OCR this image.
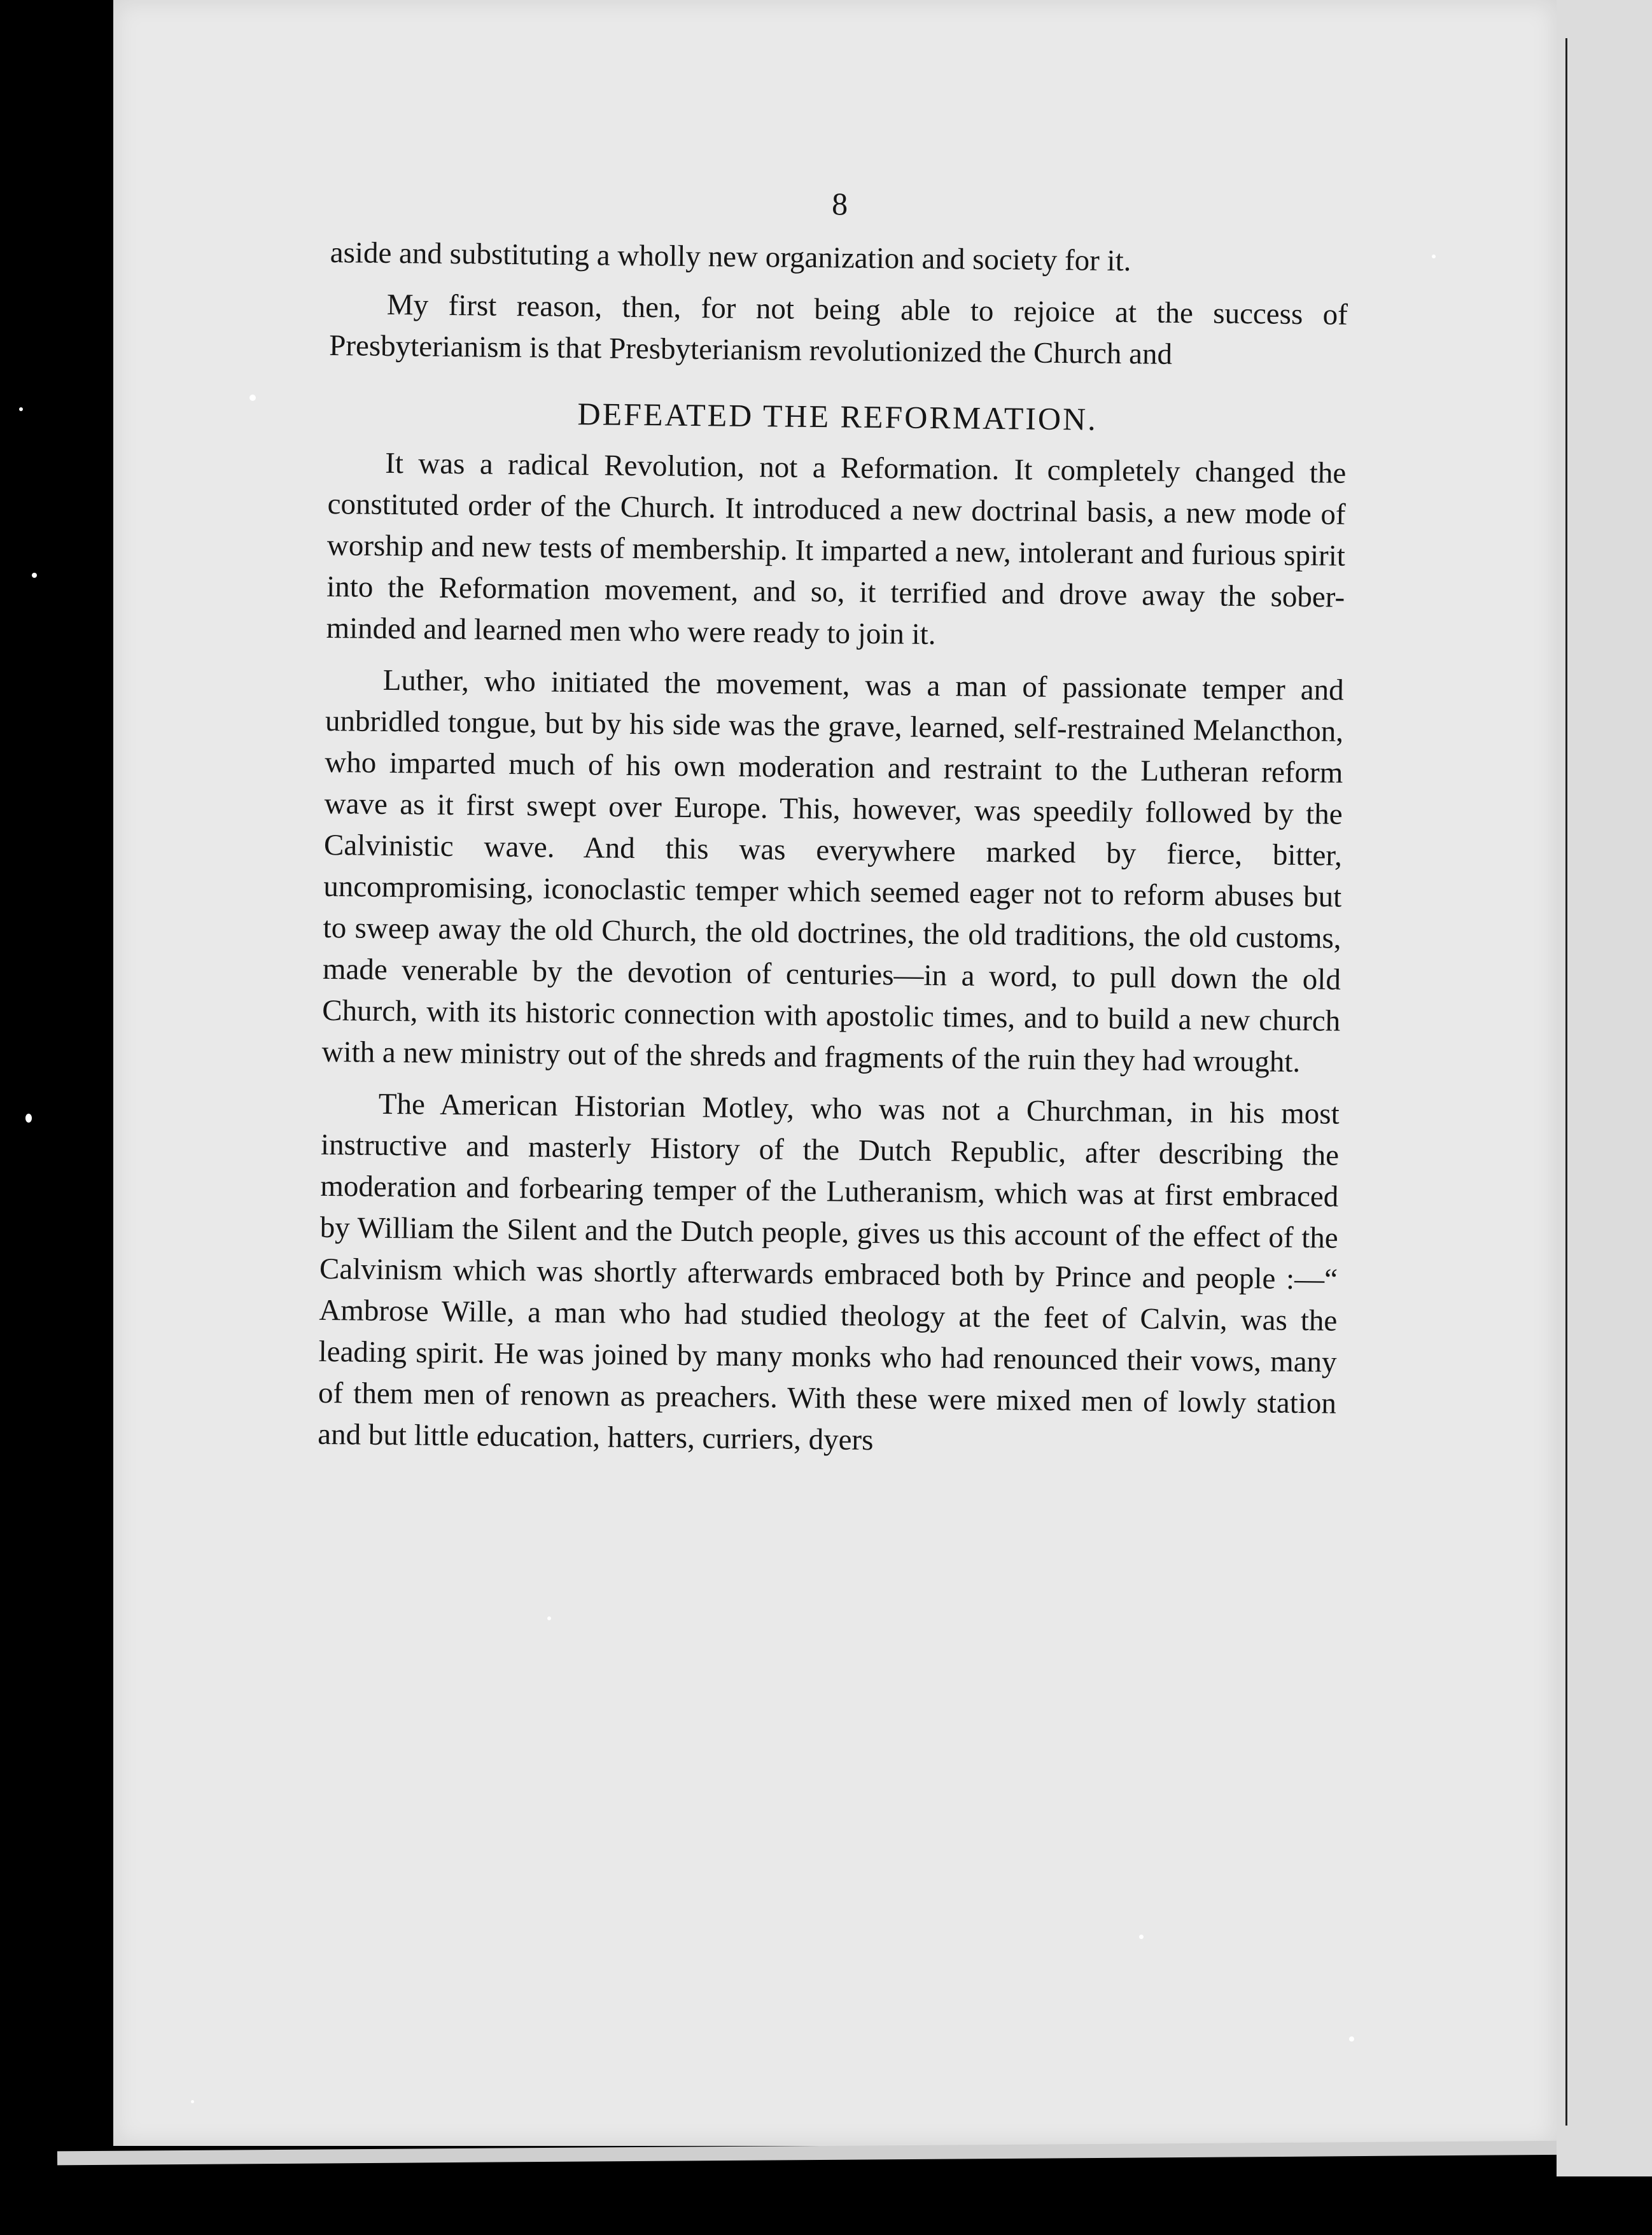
8

aside and substituting a wholly new organization and society for it.

My first reason, then, for not being able to rejoice at the success of Presbyterianism is that Presbyterianism revolutionized the Church and

DEFEATED THE REFORMATION.

It was a radical Revolution, not a Reformation. It completely changed the constituted order of the Church. It introduced a new doctrinal basis, a new mode of worship and new tests of membership. It imparted a new, intolerant and furious spirit into the Reformation movement, and so, it terrified and drove away the sober-minded and learned men who were ready to join it.

Luther, who initiated the movement, was a man of passionate temper and unbridled tongue, but by his side was the grave, learned, self-restrained Melancthon, who imparted much of his own moderation and restraint to the Lutheran reform wave as it first swept over Europe. This, however, was speedily followed by the Calvinistic wave. And this was everywhere marked by fierce, bitter, uncompromising, iconoclastic temper which seemed eager not to reform abuses but to sweep away the old Church, the old doctrines, the old traditions, the old customs, made venerable by the devotion of centuries—in a word, to pull down the old Church, with its historic connection with apostolic times, and to build a new church with a new ministry out of the shreds and fragments of the ruin they had wrought.

The American Historian Motley, who was not a Churchman, in his most instructive and masterly History of the Dutch Republic, after describing the moderation and forbearing temper of the Lutheranism, which was at first embraced by William the Silent and the Dutch people, gives us this account of the effect of the Calvinism which was shortly afterwards embraced both by Prince and people :—“ Ambrose Wille, a man who had studied theology at the feet of Calvin, was the leading spirit. He was joined by many monks who had renounced their vows, many of them men of renown as preachers. With these were mixed men of lowly station and but little education, hatters, curriers, dyers
